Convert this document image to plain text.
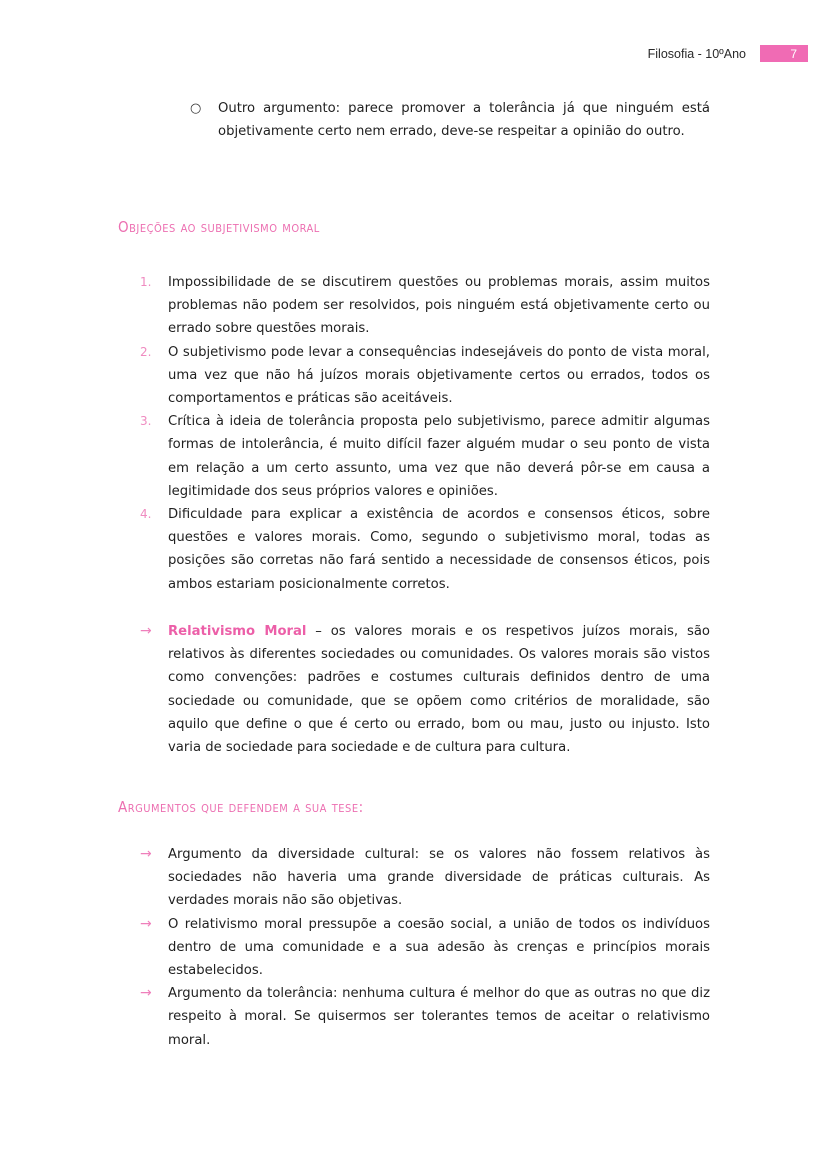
Filosofia - 10ºAno	7
○	Outro argumento: parece promover a tolerância já que ninguém está objetivamente certo nem errado, deve-se respeitar a opinião do outro.
Objeções ao subjetivismo moral
1.	Impossibilidade de se discutirem questões ou problemas morais, assim muitos problemas não podem ser resolvidos, pois ninguém está objetivamente certo ou errado sobre questões morais.
2.	O subjetivismo pode levar a consequências indesejáveis do ponto de vista moral, uma vez que não há juízos morais objetivamente certos ou errados, todos os comportamentos e práticas são aceitáveis.
3.	Crítica à ideia de tolerância proposta pelo subjetivismo, parece admitir algumas formas de intolerância, é muito difícil fazer alguém mudar o seu ponto de vista em relação a um certo assunto, uma vez que não deverá pôr-se em causa a legitimidade dos seus próprios valores e opiniões.
4.	Dificuldade para explicar a existência de acordos e consensos éticos, sobre questões e valores morais. Como, segundo o subjetivismo moral, todas as posições são corretas não fará sentido a necessidade de consensos éticos, pois ambos estariam posicionalmente corretos.
→	Relativismo Moral – os valores morais e os respetivos juízos morais, são relativos às diferentes sociedades ou comunidades. Os valores morais são vistos como convenções: padrões e costumes culturais definidos dentro de uma sociedade ou comunidade, que se opõem como critérios de moralidade, são aquilo que define o que é certo ou errado, bom ou mau, justo ou injusto. Isto varia de sociedade para sociedade e de cultura para cultura.
Argumentos que defendem a sua tese:
→	Argumento da diversidade cultural: se os valores não fossem relativos às sociedades não haveria uma grande diversidade de práticas culturais. As verdades morais não são objetivas.
→	O relativismo moral pressupõe a coesão social, a união de todos os indivíduos dentro de uma comunidade e a sua adesão às crenças e princípios morais estabelecidos.
→	Argumento da tolerância: nenhuma cultura é melhor do que as outras no que diz respeito à moral. Se quisermos ser tolerantes temos de aceitar o relativismo moral.
